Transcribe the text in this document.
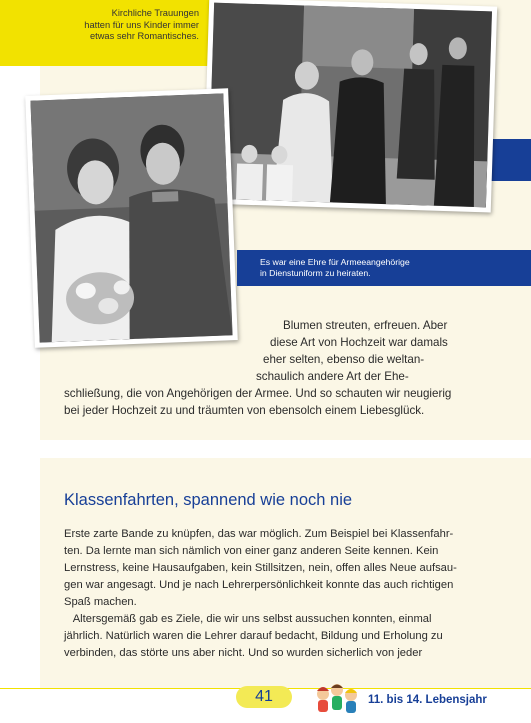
Kirchliche Trauungen
hatten für uns Kinder immer
etwas sehr Romantisches.

Es war eine Ehre für Armeeangehörige
in Dienstuniform zu heiraten.

Blumen streuten, erfreuen. Aber
diese Art von Hochzeit war damals
eher selten, ebenso die weltan-
schaulich andere Art der Ehe-
schließung, die von Angehörigen der Armee. Und so schauten wir neugierig
bei jeder Hochzeit zu und träumten von ebensolch einem Liebesglück.
Klassenfahrten, spannend wie noch nie
Erste zarte Bande zu knüpfen, das war möglich. Zum Beispiel bei Klassenfahr-
ten. Da lernte man sich nämlich von einer ganz anderen Seite kennen. Kein
Lernstress, keine Hausaufgaben, kein Stillsitzen, nein, offen alles Neue aufsau-
gen war angesagt. Und je nach Lehrerpersönlichkeit konnte das auch richtigen
Spaß machen.
Altersgemäß gab es Ziele, die wir uns selbst aussuchen konnten, einmal
jährlich. Natürlich waren die Lehrer darauf bedacht, Bildung und Erholung zu
verbinden, das störte uns aber nicht. Und so wurden sicherlich von jeder
41	11. bis 14. Lebensjahr
